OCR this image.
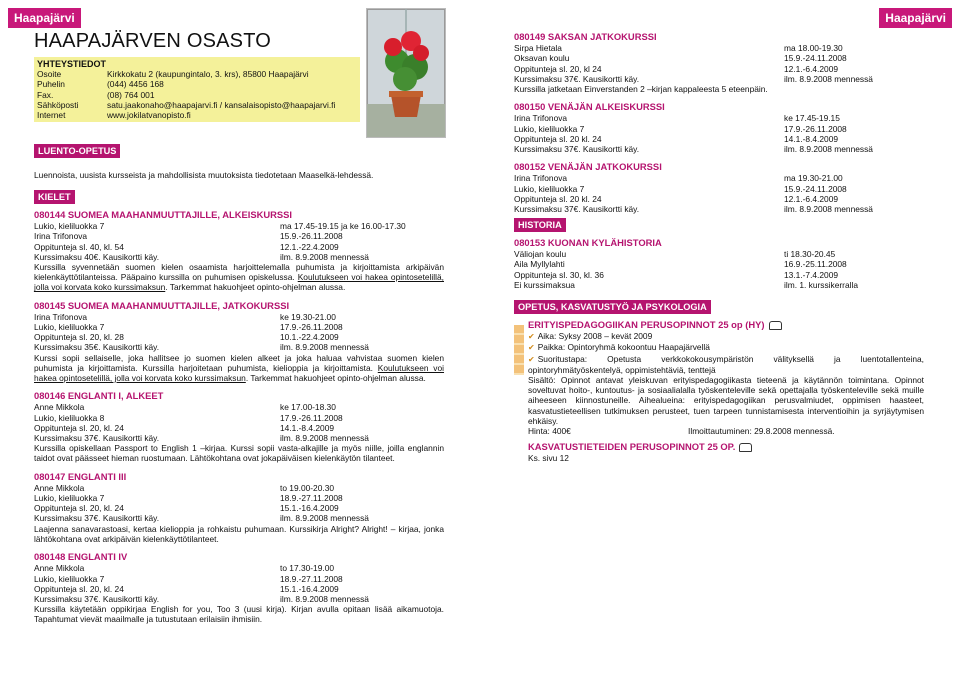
Haapajärvi	Haapajärvi
HAAPAJÄRVEN OSASTO
YHTEYSTIEDOT
Osoite	Kirkkokatu 2 (kaupungintalo, 3. krs), 85800 Haapajärvi
Puhelin	(044) 4456 168
Fax.	(08) 764 001
Sähköposti	satu.jaakonaho@haapajarvi.fi / kansalaisopisto@haapajarvi.fi
Internet	www.jokilatvanopisto.fi
LUENTO-OPETUS
Luennoista, uusista kursseista ja mahdollisista muutoksista tiedotetaan Maaselkä-lehdessä.
KIELET
080144 SUOMEA MAAHANMUUTTAJILLE, ALKEISKURSSI
Lukio, kieliluokka 7	ma 17.45-19.15 ja ke 16.00-17.30
Irina Trifonova	15.9.-26.11.2008
Oppitunteja sl. 40, kl. 54	12.1.-22.4.2009
Kurssimaksu 40€. Kausikortti käy.	ilm. 8.9.2008 mennessä
Kurssilla syvennetään suomen kielen osaamista harjoittelemalla puhumista ja kirjoittamista arkipäivän kielenkäyttötilanteissa. Pääpaino kurssilla on puhumisen opiskelussa. Koulutukseen voi hakea opintosetelillä, jolla voi korvata koko kurssimaksun. Tarkemmat hakuohjeet opinto-ohjelman alussa.
080145 SUOMEA MAAHANMUUTTAJILLE, JATKOKURSSI
Irina Trifonova	ke 19.30-21.00
Lukio, kieliluokka 7	17.9.-26.11.2008
Oppitunteja sl. 20, kl. 28	10.1.-22.4.2009
Kurssimaksu 35€. Kausikortti käy.	ilm. 8.9.2008 mennessä
Kurssi sopii sellaiselle, joka hallitsee jo suomen kielen alkeet ja joka haluaa vahvistaa suomen kielen puhumista ja kirjoittamista. Kurssilla harjoitetaan puhumista, kielioppia ja kirjoittamista. Koulutukseen voi hakea opintosetelillä, jolla voi korvata koko kurssimaksun. Tarkemmat hakuohjeet opinto-ohjelman alussa.
080146 ENGLANTI I, ALKEET
Anne Mikkola	ke 17.00-18.30
Lukio, kieliluokka 8	17.9.-26.11.2008
Oppitunteja sl. 20, kl. 24	14.1.-8.4.2009
Kurssimaksu 37€. Kausikortti käy.	ilm. 8.9.2008 mennessä
Kurssilla opiskellaan Passport to English 1 –kirjaa. Kurssi sopii vasta-alkajille ja myös niille, joilla englannin taidot ovat päässeet hieman ruostumaan. Lähtökohtana ovat jokapäiväisen kielenkäytön tilanteet.
080147 ENGLANTI III
Anne Mikkola	to 19.00-20.30
Lukio, kieliluokka 7	18.9.-27.11.2008
Oppitunteja sl. 20, kl. 24	15.1.-16.4.2009
Kurssimaksu 37€. Kausikortti käy.	ilm. 8.9.2008 mennessä
Laajenna sanavarastoasi, kertaa kielioppia ja rohkaistu puhumaan. Kurssikirja Alright? Alright! – kirjaa, jonka lähtökohtana ovat arkipäivän kielenkäyttötilanteet.
080148 ENGLANTI IV
Anne Mikkola	to 17.30-19.00
Lukio, kieliluokka 7	18.9.-27.11.2008
Oppitunteja sl. 20, kl. 24	15.1.-16.4.2009
Kurssimaksu 37€. Kausikortti käy.	ilm. 8.9.2008 mennessä
Kurssilla käytetään oppikirjaa English for you, Too 3 (uusi kirja). Kirjan avulla opitaan lisää aikamuotoja. Tapahtumat vievät maailmalle ja tutustutaan erilaisiin ihmisiin.
080149 SAKSAN JATKOKURSSI
Sirpa Hietala	ma 18.00-19.30
Oksavan koulu	15.9.-24.11.2008
Oppitunteja sl. 20, kl 24	12.1.-6.4.2009
Kurssimaksu 37€. Kausikortti käy.	ilm. 8.9.2008 mennessä
Kurssilla jatketaan Einverstanden 2 –kirjan kappaleesta 5 eteenpäin.
080150 VENÄJÄN ALKEISKURSSI
Irina Trifonova	ke 17.45-19.15
Lukio, kieliluokka 7	17.9.-26.11.2008
Oppitunteja sl. 20 kl. 24	14.1.-8.4.2009
Kurssimaksu 37€. Kausikortti käy.	ilm. 8.9.2008 mennessä
080152 VENÄJÄN JATKOKURSSI
Irina Trifonova	ma 19.30-21.00
Lukio, kieliluokka 7	15.9.-24.11.2008
Oppitunteja sl. 20 kl. 24	12.1.-6.4.2009
Kurssimaksu 37€. Kausikortti käy.	ilm. 8.9.2008 mennessä
HISTORIA
080153 KUONAN KYLÄHISTORIA
Väliojan koulu	ti 18.30-20.45
Aila Myllylahti	16.9.-25.11.2008
Oppitunteja sl. 30, kl. 36	13.1.-7.4.2009
Ei kurssimaksua	ilm. 1. kurssikerralla
OPETUS, KASVATUSTYÖ JA PSYKOLOGIA
ERITYISPEDAGOGIIKAN PERUSOPINNOT 25 op (HY)
✔ Aika: Syksy 2008 – kevät 2009
✔ Paikka: Opintoryhmä kokoontuu Haapajärvellä
✔ Suoritustapa: Opetusta verkkokokousympäristön välityksellä ja luentotallenteina, opintoryhmätyöskentelyä, oppimistehtäviä, tenttejä
Sisältö: Opinnot antavat yleiskuvan erityispedagogiikasta tieteenä ja käytännön toimintana. Opinnot soveltuvat hoito-, kuntoutus- ja sosiaalialalla työskenteleville sekä opettajalla työskenteleville sekä muille aiheeseen kiinnostuneille. Aihealueina: erityispedagogiikan perusvalmiudet, oppimisen haasteet, kasvatustieteellisen tutkimuksen perusteet, tuen tarpeen tunnistamisesta interventioihin ja syrjäytymisen ehkäisy.
Hinta: 400€	Ilmoittautuminen: 29.8.2008 mennessä.
KASVATUSTIETEIDEN PERUSOPINNOT 25 OP.
Ks. sivu 12
